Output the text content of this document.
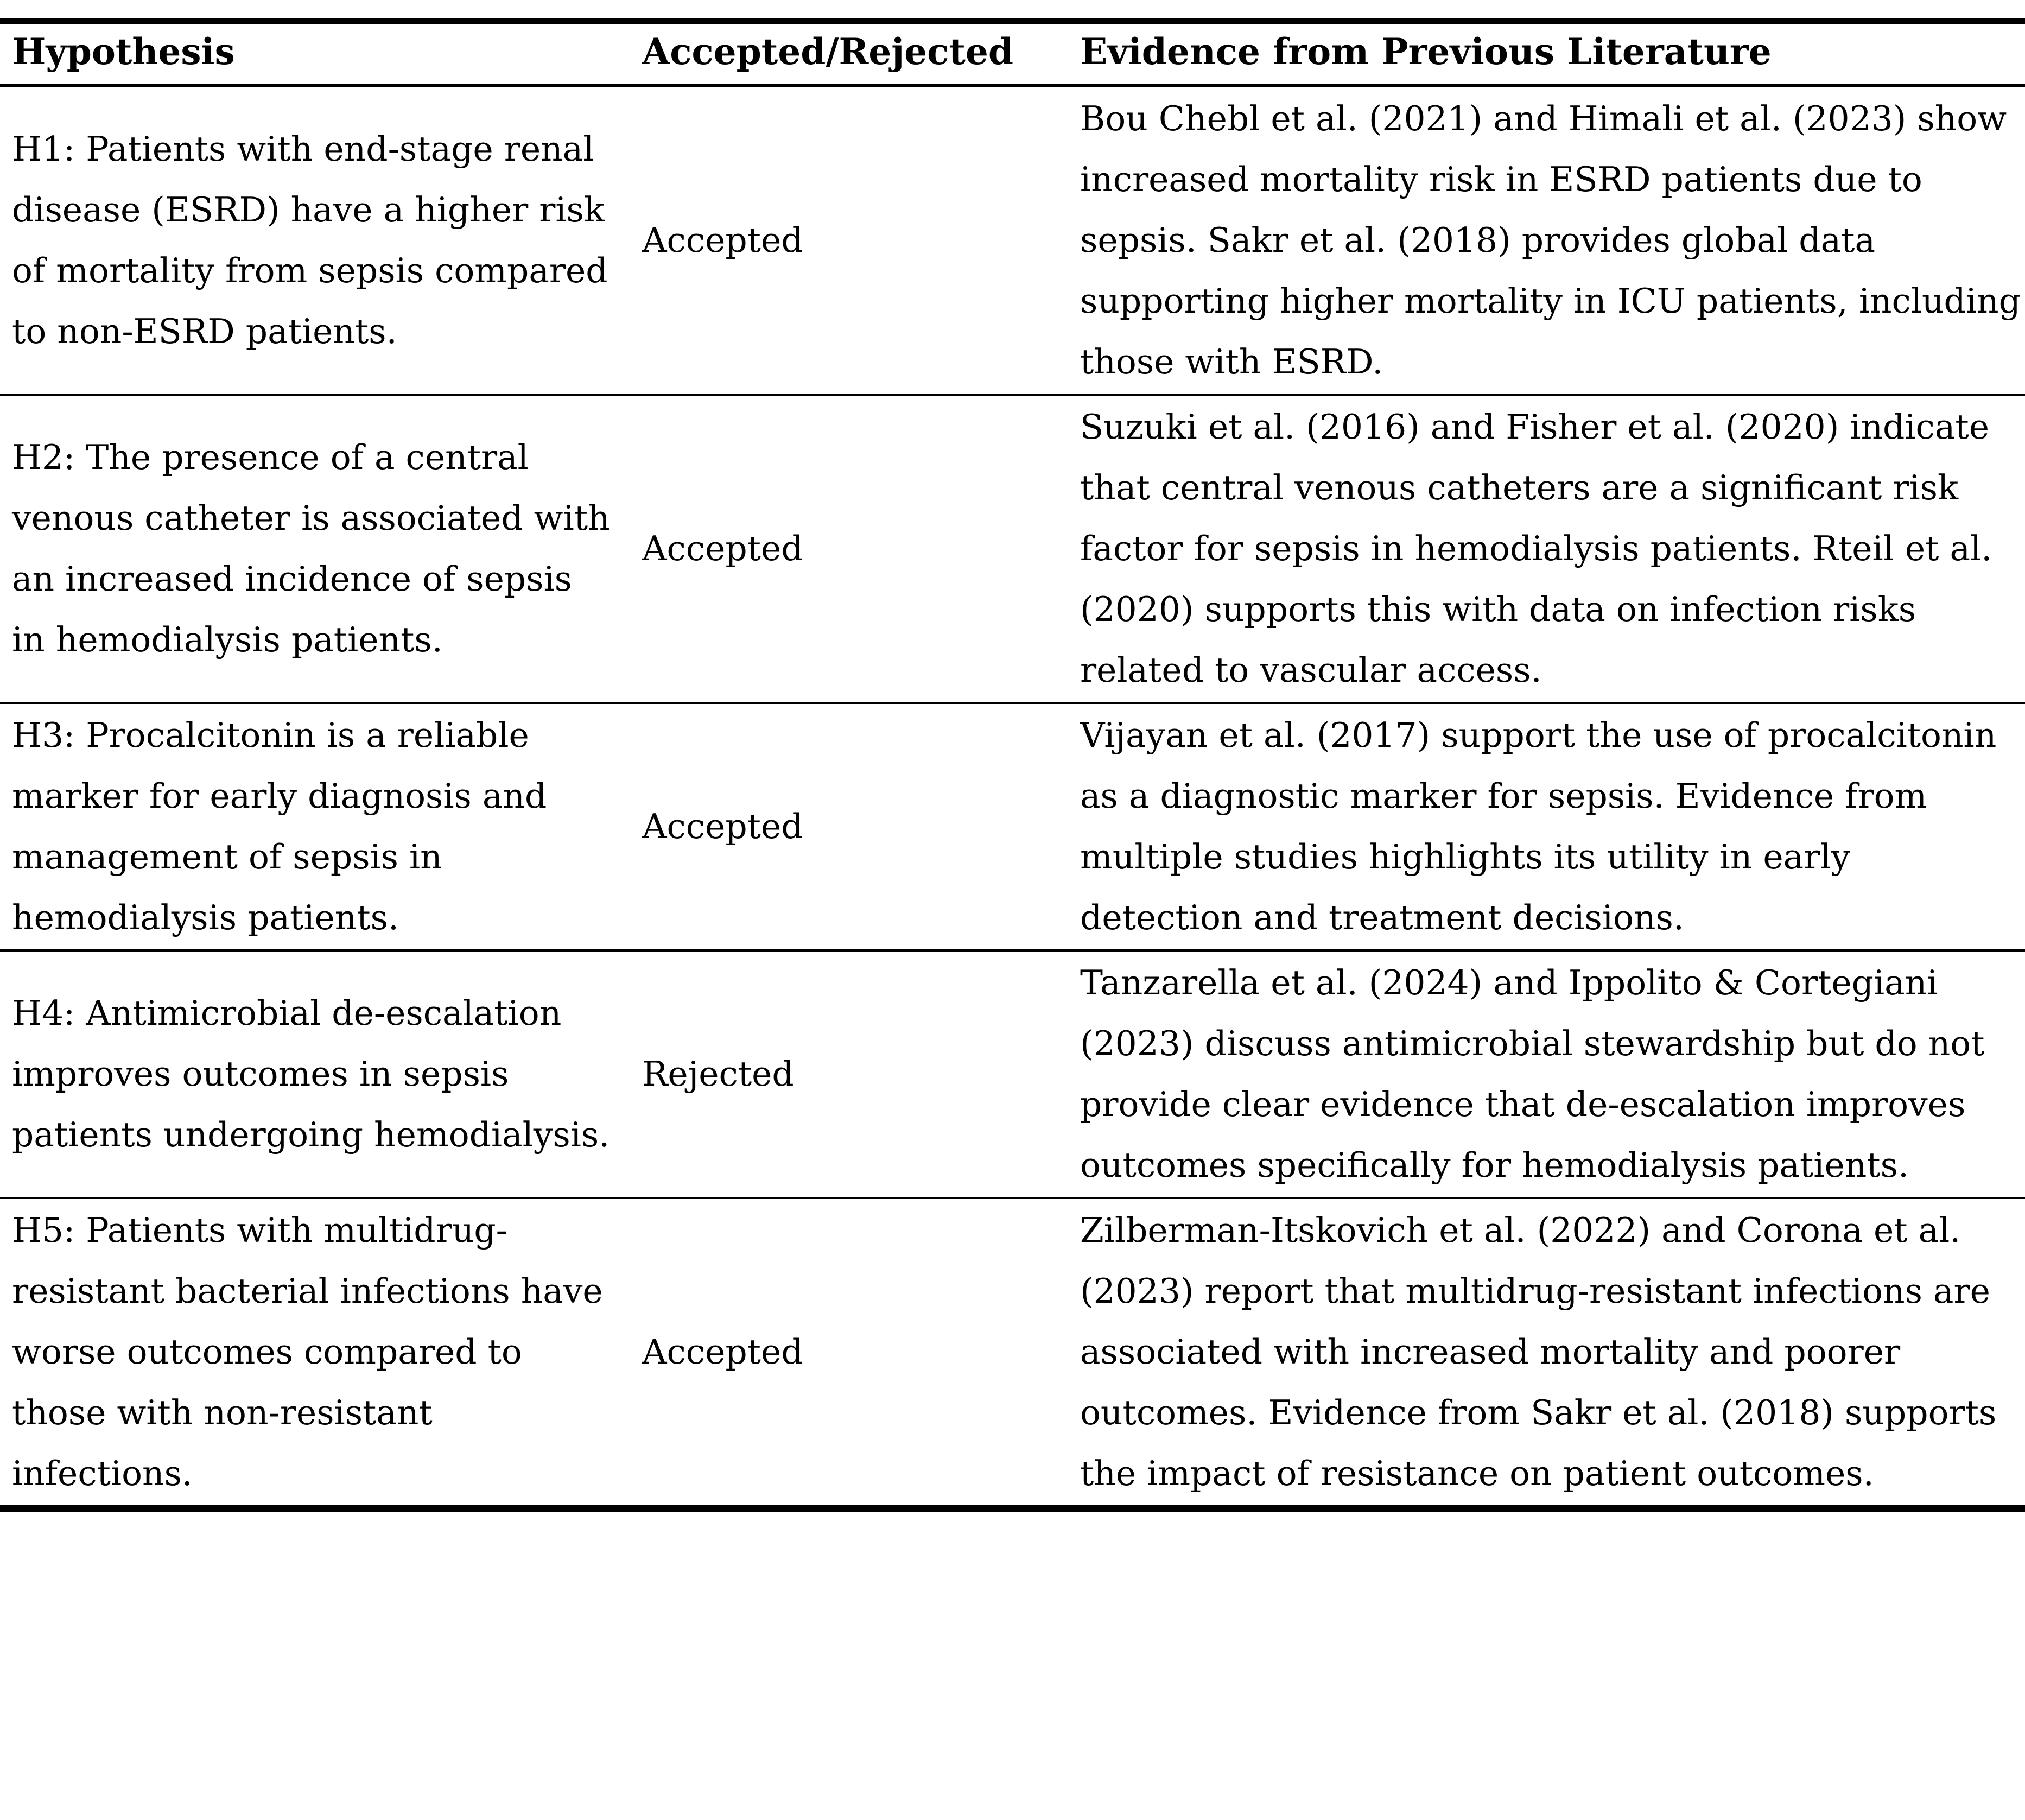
Hypothesis	Accepted/Rejected	Evidence from Previous Literature
H1: Patients with end-stage renal disease (ESRD) have a higher risk of mortality from sepsis compared to non-ESRD patients.	Accepted	Bou Chebl et al. (2021) and Himali et al. (2023) show increased mortality risk in ESRD patients due to sepsis. Sakr et al. (2018) provides global data supporting higher mortality in ICU patients, including those with ESRD.
H2: The presence of a central venous catheter is associated with an increased incidence of sepsis in hemodialysis patients.	Accepted	Suzuki et al. (2016) and Fisher et al. (2020) indicate that central venous catheters are a significant risk factor for sepsis in hemodialysis patients. Rteil et al. (2020) supports this with data on infection risks related to vascular access.
H3: Procalcitonin is a reliable marker for early diagnosis and management of sepsis in hemodialysis patients.	Accepted	Vijayan et al. (2017) support the use of procalcitonin as a diagnostic marker for sepsis. Evidence from multiple studies highlights its utility in early detection and treatment decisions.
H4: Antimicrobial de-escalation improves outcomes in sepsis patients undergoing hemodialysis.	Rejected	Tanzarella et al. (2024) and Ippolito & Cortegiani (2023) discuss antimicrobial stewardship but do not provide clear evidence that de-escalation improves outcomes specifically for hemodialysis patients.
H5: Patients with multidrug-resistant bacterial infections have worse outcomes compared to those with non-resistant infections.	Accepted	Zilberman-Itskovich et al. (2022) and Corona et al. (2023) report that multidrug-resistant infections are associated with increased mortality and poorer outcomes. Evidence from Sakr et al. (2018) supports the impact of resistance on patient outcomes.
